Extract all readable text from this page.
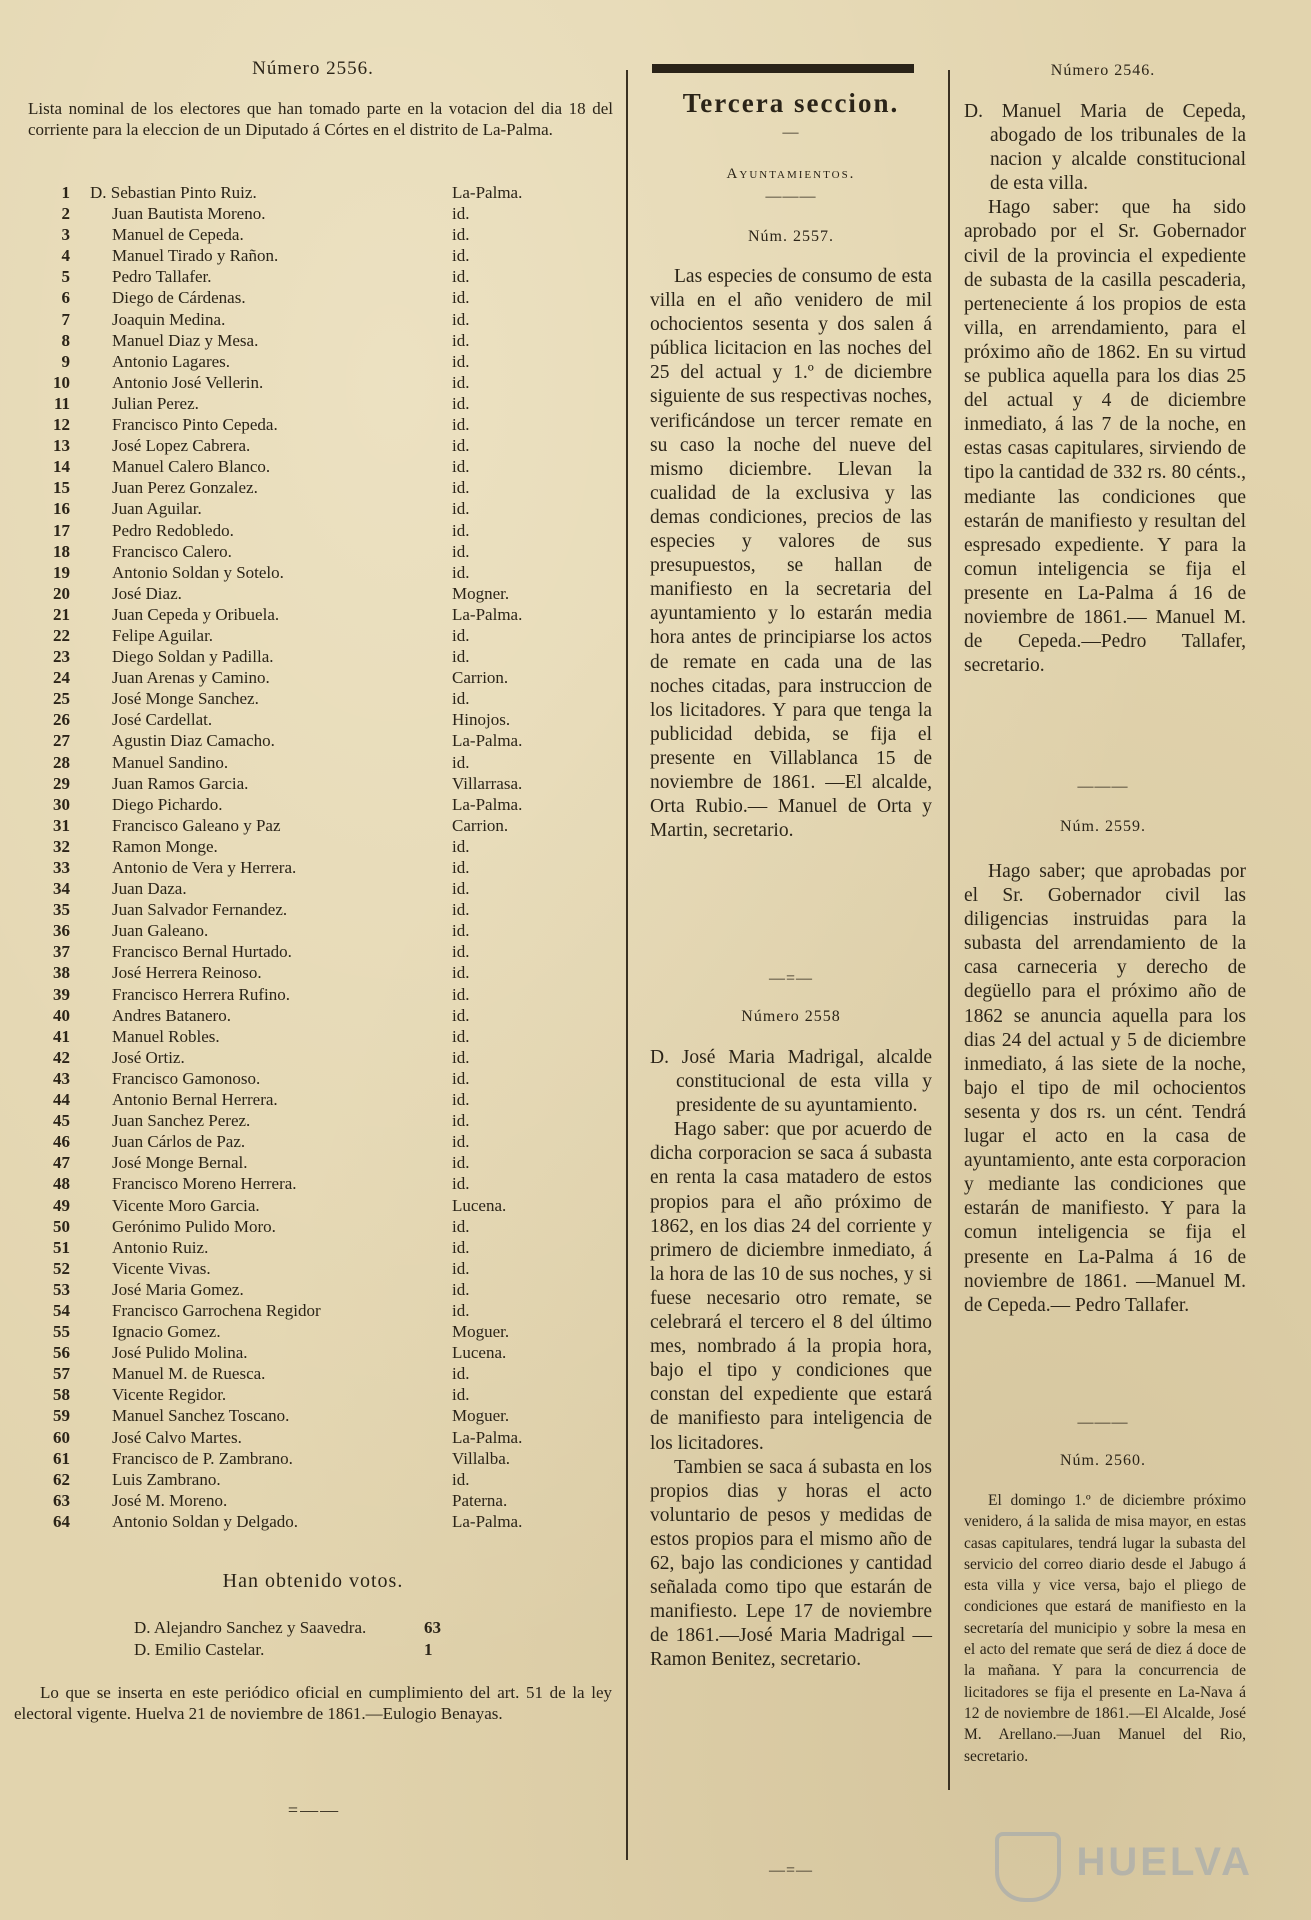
Número 2556.
Lista nominal de los electores que han tomado parte en la votacion del dia 18 del corriente para la eleccion de un Diputado á Córtes en el distrito de La-Palma.
1 D. Sebastian Pinto Ruiz.	La-Palma.
2 Juan Bautista Moreno.	id.
3 Manuel de Cepeda.	id.
4 Manuel Tirado y Rañon.	id.
5 Pedro Tallafer.	id.
6 Diego de Cárdenas.	id.
7 Joaquin Medina.	id.
8 Manuel Diaz y Mesa.	id.
9 Antonio Lagares.	id.
10 Antonio José Vellerin.	id.
11 Julian Perez.	id.
12 Francisco Pinto Cepeda.	id.
13 José Lopez Cabrera.	id.
14 Manuel Calero Blanco.	id.
15 Juan Perez Gonzalez.	id.
16 Juan Aguilar.	id.
17 Pedro Redobledo.	id.
18 Francisco Calero.	id.
19 Antonio Soldan y Sotelo.	id.
20 José Diaz.	Mogner.
21 Juan Cepeda y Oribuela.	La-Palma.
22 Felipe Aguilar.	id.
23 Diego Soldan y Padilla.	id.
24 Juan Arenas y Camino.	Carrion.
25 José Monge Sanchez.	id.
26 José Cardellat.	Hinojos.
27 Agustin Diaz Camacho.	La-Palma.
28 Manuel Sandino.	id.
29 Juan Ramos Garcia.	Villarrasa.
30 Diego Pichardo.	La-Palma.
31 Francisco Galeano y Paz	Carrion.
32 Ramon Monge.	id.
33 Antonio de Vera y Herrera.	id.
34 Juan Daza.	id.
35 Juan Salvador Fernandez.	id.
36 Juan Galeano.	id.
37 Francisco Bernal Hurtado.	id.
38 José Herrera Reinoso.	id.
39 Francisco Herrera Rufino.	id.
40 Andres Batanero.	id.
41 Manuel Robles.	id.
42 José Ortiz.	id.
43 Francisco Gamonoso.	id.
44 Antonio Bernal Herrera.	id.
45 Juan Sanchez Perez.	id.
46 Juan Cárlos de Paz.	id.
47 José Monge Bernal.	id.
48 Francisco Moreno Herrera.	id.
49 Vicente Moro Garcia.	Lucena.
50 Gerónimo Pulido Moro.	id.
51 Antonio Ruiz.	id.
52 Vicente Vivas.	id.
53 José Maria Gomez.	id.
54 Francisco Garrochena Regidor	id.
55 Ignacio Gomez.	Moguer.
56 José Pulido Molina.	Lucena.
57 Manuel M. de Ruesca.	id.
58 Vicente Regidor.	id.
59 Manuel Sanchez Toscano.	Moguer.
60 José Calvo Martes.	La-Palma.
61 Francisco de P. Zambrano.	Villalba.
62 Luis Zambrano.	id.
63 José M. Moreno.	Paterna.
64 Antonio Soldan y Delgado.	La-Palma.
Han obtenido votos.
D. Alejandro Sanchez y Saavedra.	63
D. Emilio Castelar.	1
Lo que se inserta en este periódico oficial en cumplimiento del art. 51 de la ley electoral vigente. Huelva 21 de noviembre de 1861.—Eulogio Benayas.
=——
Tercera seccion.
—
Ayuntamientos.
———
Núm. 2557.

Las especies de consumo de esta villa en el año venidero de mil ochocientos sesenta y dos salen á pública licitacion en las noches del 25 del actual y 1.º de diciembre siguiente de sus respectivas noches, verificándose un tercer remate en su caso la noche del nueve del mismo diciembre. Llevan la cualidad de la exclusiva y las demas condiciones, precios de las especies y valores de sus presupuestos, se hallan de manifiesto en la secretaria del ayuntamiento y lo estarán media hora antes de principiarse los actos de remate en cada una de las noches citadas, para instruccion de los licitadores. Y para que tenga la publicidad debida, se fija el presente en Villablanca 15 de noviembre de 1861. —El alcalde, Orta Rubio.— Manuel de Orta y Martin, secretario.

—=—
Número 2558

D. José Maria Madrigal, alcalde constitucional de esta villa y presidente de su ayuntamiento.

Hago saber: que por acuerdo de dicha corporacion se saca á subasta en renta la casa matadero de estos propios para el año próximo de 1862, en los dias 24 del corriente y primero de diciembre inmediato, á la hora de las 10 de sus noches, y si fuese necesario otro remate, se celebrará el tercero el 8 del último mes, nombrado á la propia hora, bajo el tipo y condiciones que constan del expediente que estará de manifiesto para inteligencia de los licitadores.

Tambien se saca á subasta en los propios dias y horas el acto voluntario de pesos y medidas de estos propios para el mismo año de 62, bajo las condiciones y cantidad señalada como tipo que estarán de manifiesto. Lepe 17 de noviembre de 1861.—José Maria Madrigal —Ramon Benitez, secretario.

—=—
Número 2546.

D. Manuel Maria de Cepeda, abogado de los tribunales de la nacion y alcalde constitucional de esta villa.

Hago saber: que ha sido aprobado por el Sr. Gobernador civil de la provincia el expediente de subasta de la casilla pescaderia, perteneciente á los propios de esta villa, en arrendamiento, para el próximo año de 1862. En su virtud se publica aquella para los dias 25 del actual y 4 de diciembre inmediato, á las 7 de la noche, en estas casas capitulares, sirviendo de tipo la cantidad de 332 rs. 80 cénts., mediante las condiciones que estarán de manifiesto y resultan del espresado expediente. Y para la comun inteligencia se fija el presente en La-Palma á 16 de noviembre de 1861.— Manuel M. de Cepeda.—Pedro Tallafer, secretario.

———
Núm. 2559.

Hago saber; que aprobadas por el Sr. Gobernador civil las diligencias instruidas para la subasta del arrendamiento de la casa carneceria y derecho de degüello para el próximo año de 1862 se anuncia aquella para los dias 24 del actual y 5 de diciembre inmediato, á las siete de la noche, bajo el tipo de mil ochocientos sesenta y dos rs. un cént. Tendrá lugar el acto en la casa de ayuntamiento, ante esta corporacion y mediante las condiciones que estarán de manifiesto. Y para la comun inteligencia se fija el presente en La-Palma á 16 de noviembre de 1861. —Manuel M. de Cepeda.— Pedro Tallafer.

———
Núm. 2560.

El domingo 1.º de diciembre próximo venidero, á la salida de misa mayor, en estas casas capitulares, tendrá lugar la subasta del servicio del correo diario desde el Jabugo á esta villa y vice versa, bajo el pliego de condiciones que estará de manifiesto en la secretaría del municipio y sobre la mesa en el acto del remate que será de diez á doce de la mañana. Y para la concurrencia de licitadores se fija el presente en La-Nava á 12 de noviembre de 1861.—El Alcalde, José M. Arellano.—Juan Manuel del Rio, secretario.

HUELVA
